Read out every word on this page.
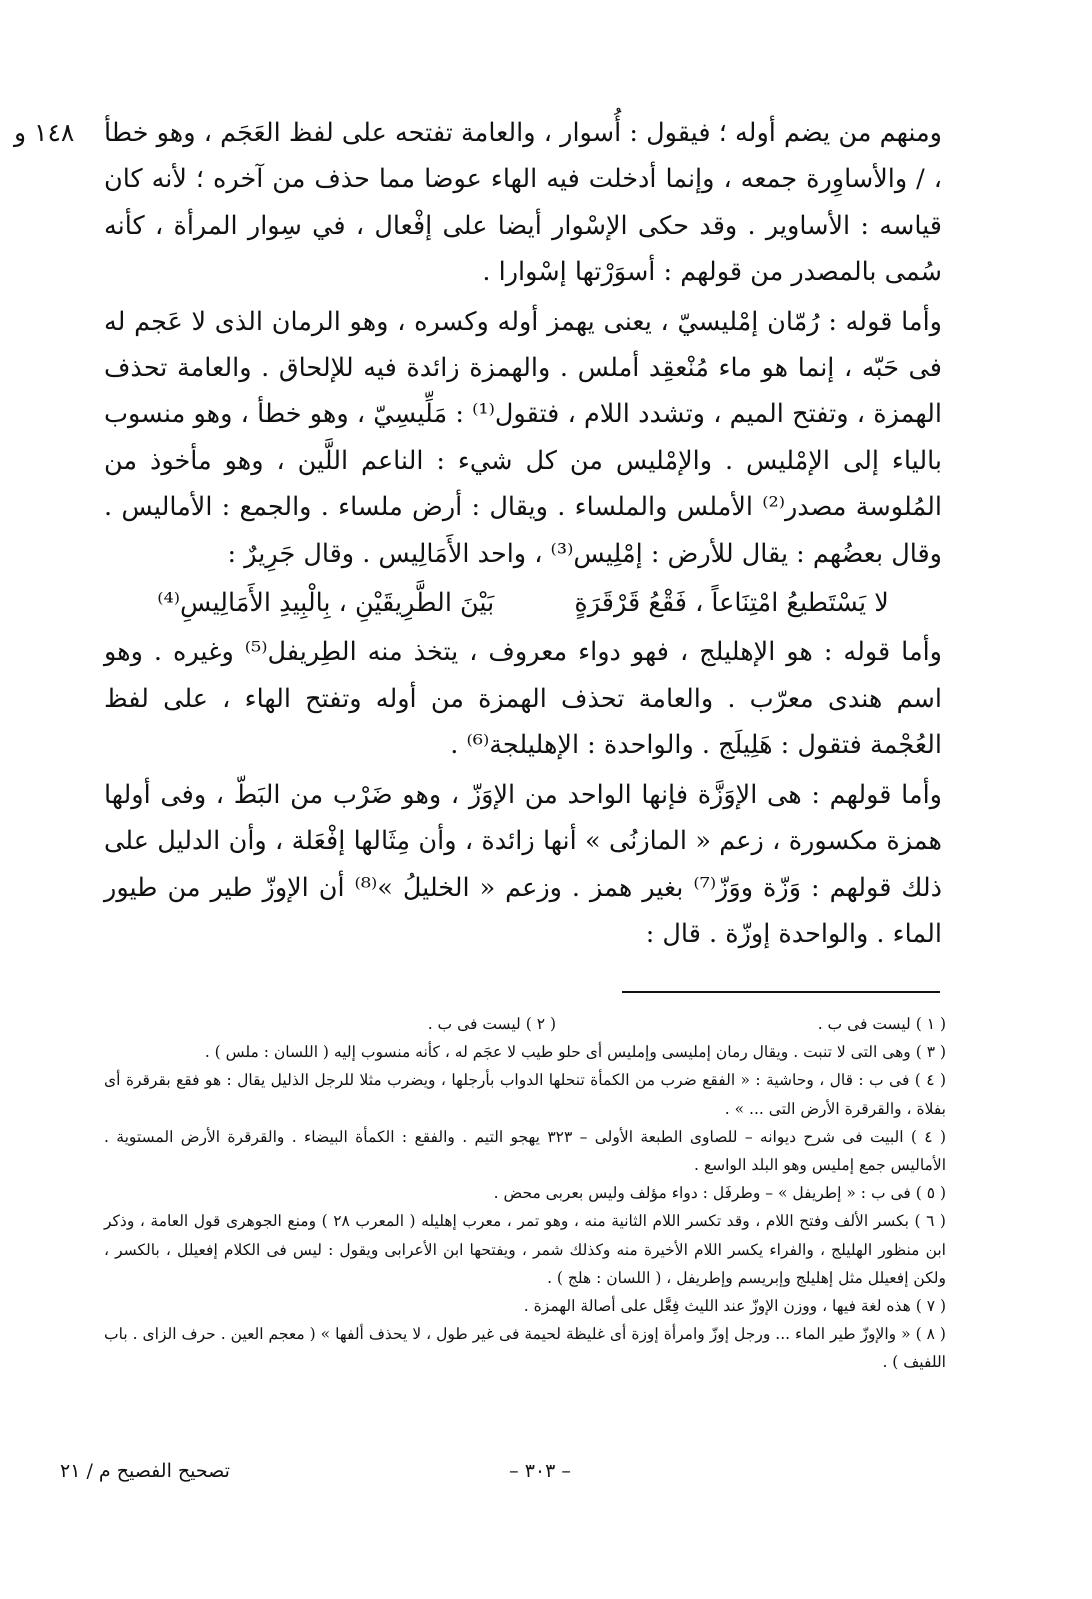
١٤٨ و	ومنهم من يضم أوله ؛ فيقول : أُسوار ، والعامة تفتحه على لفظ العَجَم ، وهو خطأ ، / والأساوِرة جمعه ، وإنما أدخلت فيه الهاء عوضا مما حذف من آخره ؛ لأنه كان قياسه : الأساوير . وقد حكى الإسْوار أيضا على إفْعال ، في سِوار المرأة ، كأنه سُمى بالمصدر من قولهم : أسوَرْتها إسْوارا .

وأما قوله : رُمّان إمْليسيّ ، يعنى يهمز أوله وكسره ، وهو الرمان الذى لا عَجم له فى حَبّه ، إنما هو ماء مُنْعقِد أملس . والهمزة زائدة فيه للإلحاق . والعامة تحذف الهمزة ، وتفتح الميم ، وتشدد اللام ، فتقول⁽¹⁾ : مَلِّيسِيّ ، وهو خطأ ، وهو منسوب بالياء إلى الإمْليس . والإمْليس من كل شيء : الناعم اللَّين ، وهو مأخوذ من المُلوسة مصدر⁽²⁾ الأملس والملساء . ويقال : أرض ملساء . والجمع : الأماليس . وقال بعضُهم : يقال للأرض : إمْلِيس⁽³⁾ ، واحد الأَمَالِيس . وقال جَرِيرٌ :

لا يَسْتَطيعُ امْتِنَاعاً ، فَقْعُ قَرْقَرَةٍ بَيْنَ الطَّرِيقَيْنِ ، بِالْبِيدِ الأَمَالِيسِ⁽⁴⁾

وأما قوله : هو الإهليلج ، فهو دواء معروف ، يتخذ منه الطِريفل⁽⁵⁾ وغيره . وهو اسم هندى معرّب . والعامة تحذف الهمزة من أوله وتفتح الهاء ، على لفظ العُجْمة فتقول : هَلِيلَج . والواحدة : الإهليلجة⁽⁶⁾ .

وأما قولهم : هى الإوَزَّة فإنها الواحد من الإوَزّ ، وهو ضَرْب من البَطّ ، وفى أولها همزة مكسورة ، زعم « المازنُى » أنها زائدة ، وأن مِثَالها إفْعَلة ، وأن الدليل على ذلك قولهم : وَزّة ووَزّ⁽⁷⁾ بغير همز . وزعم « الخليلُ »⁽⁸⁾ أن الإوزّ طير من طيور الماء . والواحدة إوزّة . قال :

( ١ ) ليست فى ب .
( ٢ ) ليست فى ب .
( ٣ ) وهى التى لا تنبت . ويقال رمان إمليسى وإمليس أى حلو طيب لا عجَم له ، كأنه منسوب إليه ( اللسان : ملس ) .
( ٤ ) فى ب : قال ، وحاشية : « الفقع ضرب من الكمأة تنحلها الدواب بأرجلها ، ويضرب مثلا للرجل الذليل يقال : هو فقع بقرقرة أى بفلاة ، والقرقرة الأرض التى ... » .
( ٤ ) البيت فى شرح ديوانه – للصاوى الطبعة الأولى – ٣٢٣ يهجو التيم . والفقع : الكمأة البيضاء . والقرقرة الأرض المستوية . الأماليس جمع إمليس وهو البلد الواسع .
( ٥ ) فى ب : « إطريفل » – وطرفَل : دواء مؤلف وليس بعربى محض .
( ٦ ) بكسر الألف وفتح اللام ، وقد تكسر اللام الثانية منه ، وهو تمر ، معرب إهليله ( المعرب ٢٨ ) ومنع الجوهرى قول العامة ، وذكر ابن منظور الهليلج ، والفراء يكسر اللام الأخيرة منه وكذلك شمر ، ويفتحها ابن الأعرابى ويقول : ليس فى الكلام إفعيلل ، بالكسر ، ولكن إفعيلل مثل إهليلج وإبريسم وإطريفل ، ( اللسان : هلج ) .
( ٧ ) هذه لغة فيها ، ووزن الإوزّ عند الليث فِعَّل على أصالة الهمزة .
( ٨ ) « والإوزّ طير الماء ... ورجل إوزّ وامرأة إوزة أى غليظة لحيمة فى غير طول ، لا يحذف ألفها » ( معجم العين . حرف الزاى . باب اللفيف ) .
تصحيح الفصيح م / ٢١	– ٣٠٣ –
